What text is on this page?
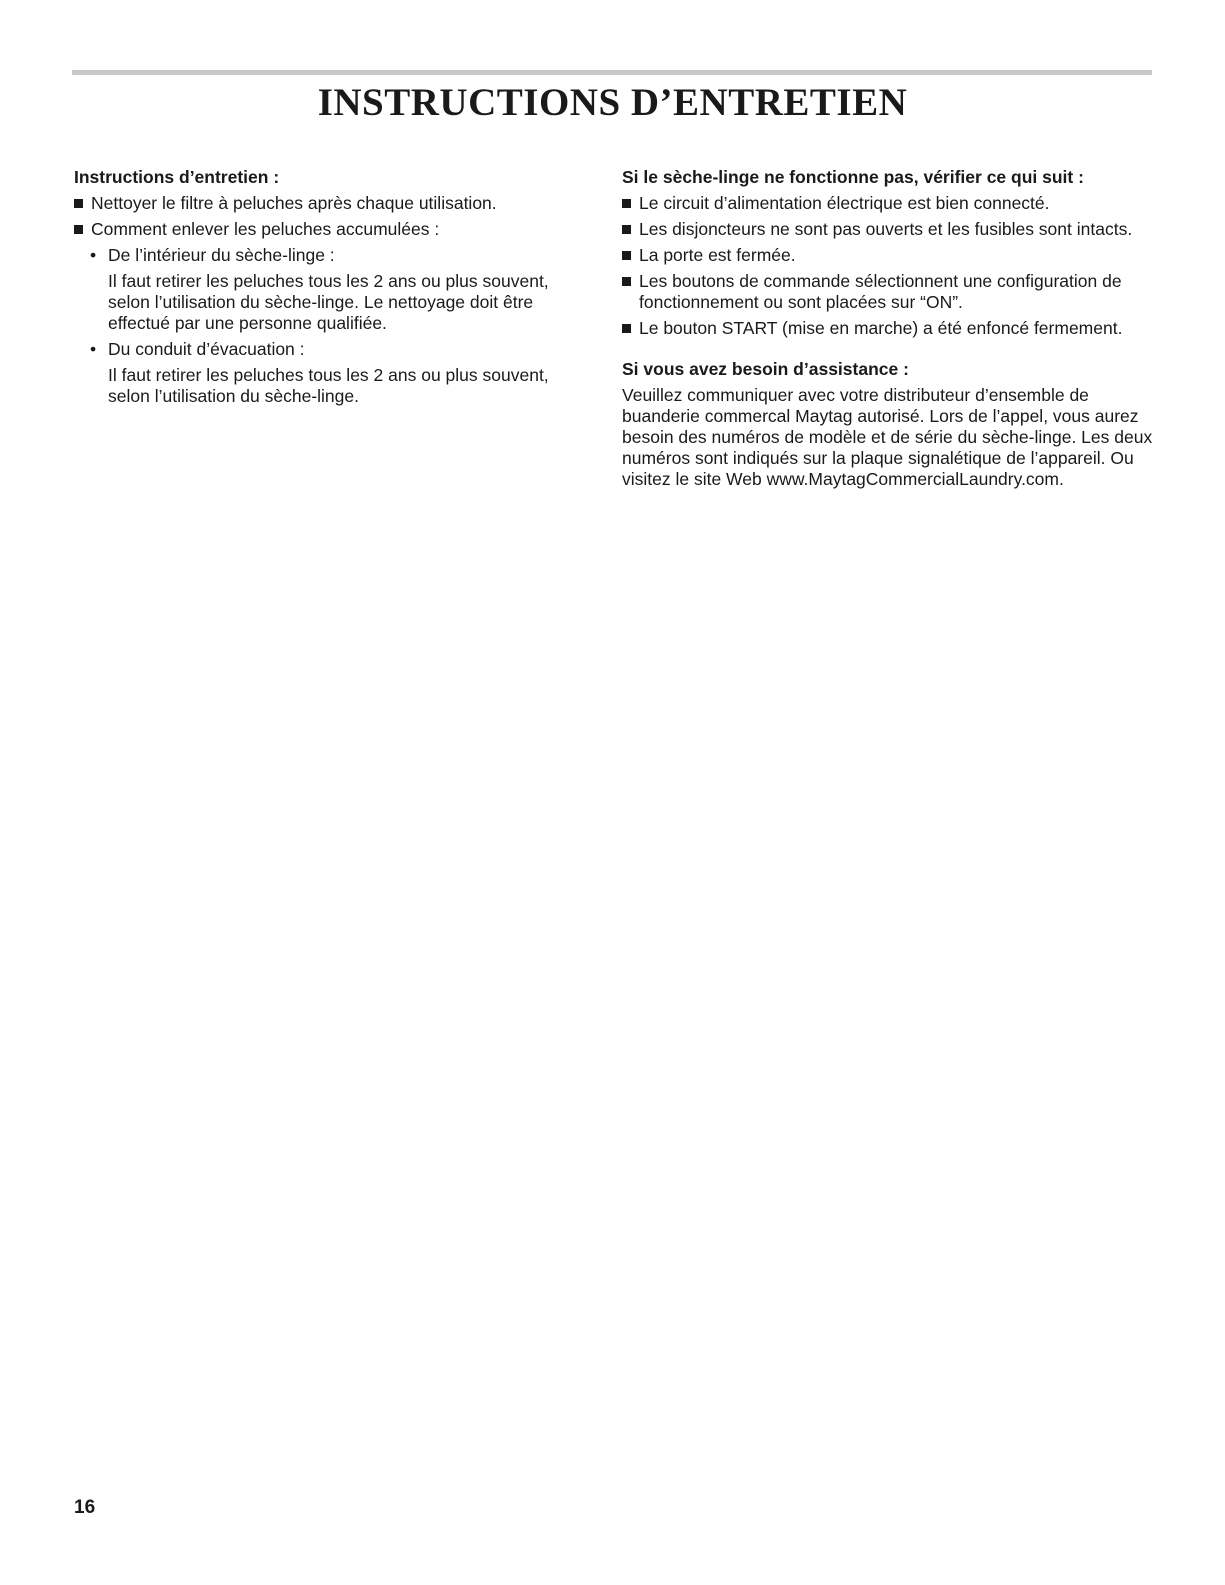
INSTRUCTIONS D’ENTRETIEN

Instructions d’entretien :

Nettoyer le filtre à peluches après chaque utilisation.
Comment enlever les peluches accumulées :
• De l’intérieur du sèche-linge :

Il faut retirer les peluches tous les 2 ans ou plus souvent, selon l’utilisation du sèche-linge. Le nettoyage doit être effectué par une personne qualifiée.

• Du conduit d’évacuation :

Il faut retirer les peluches tous les 2 ans ou plus souvent, selon l’utilisation du sèche-linge.

Si le sèche-linge ne fonctionne pas, vérifier ce qui suit :

Le circuit d’alimentation électrique est bien connecté.
Les disjoncteurs ne sont pas ouverts et les fusibles sont intacts.
La porte est fermée.
Les boutons de commande sélectionnent une configuration de fonctionnement ou sont placées sur “ON”.
Le bouton START (mise en marche) a été enfoncé fermement.

Si vous avez besoin d’assistance :

Veuillez communiquer avec votre distributeur d’ensemble de buanderie commercal Maytag autorisé. Lors de l’appel, vous aurez besoin des numéros de modèle et de série du sèche-linge. Les deux numéros sont indiqués sur la plaque signalétique de l’appareil. Ou visitez le site Web www.MaytagCommercialLaundry.com.

16
